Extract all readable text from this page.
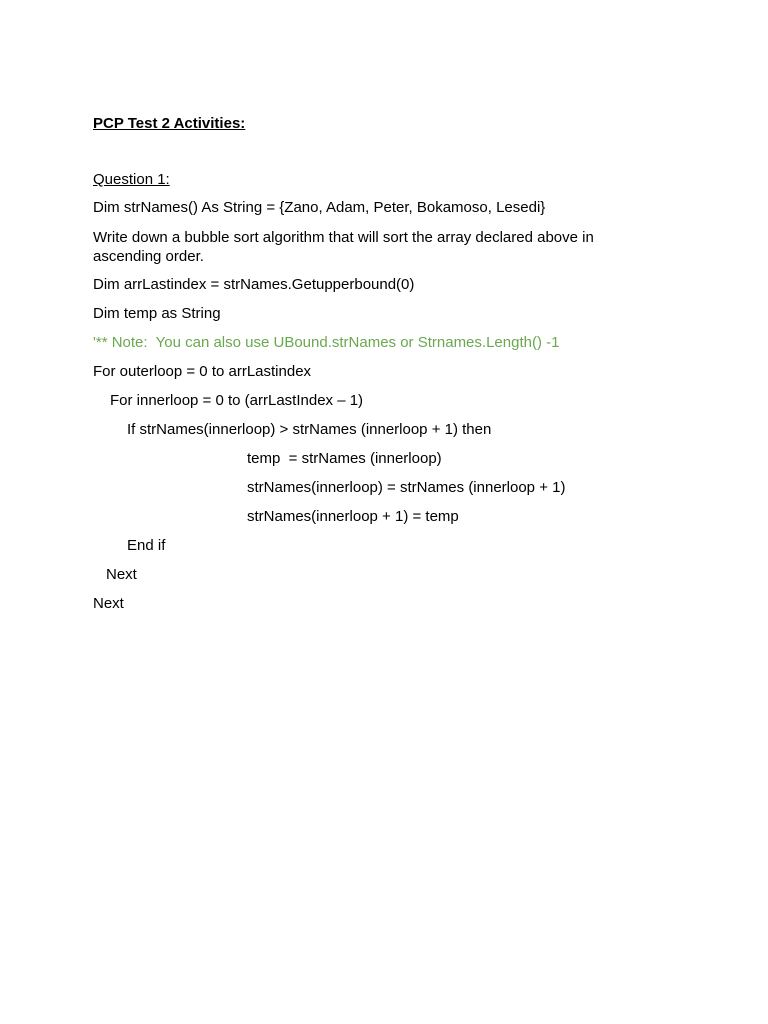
PCP Test 2 Activities:
Question 1:
Dim strNames() As String = {Zano, Adam, Peter, Bokamoso, Lesedi}
Write down a bubble sort algorithm that will sort the array declared above in ascending order.
Dim arrLastindex = strNames.Getupperbound(0)
Dim temp as String
'** Note:  You can also use UBound.strNames or Strnames.Length() -1
For outerloop = 0 to arrLastindex
For innerloop = 0 to (arrLastIndex – 1)
If strNames(innerloop) > strNames (innerloop + 1) then
temp  = strNames (innerloop)
strNames(innerloop) = strNames (innerloop + 1)
strNames(innerloop + 1) = temp
End if
Next
Next
